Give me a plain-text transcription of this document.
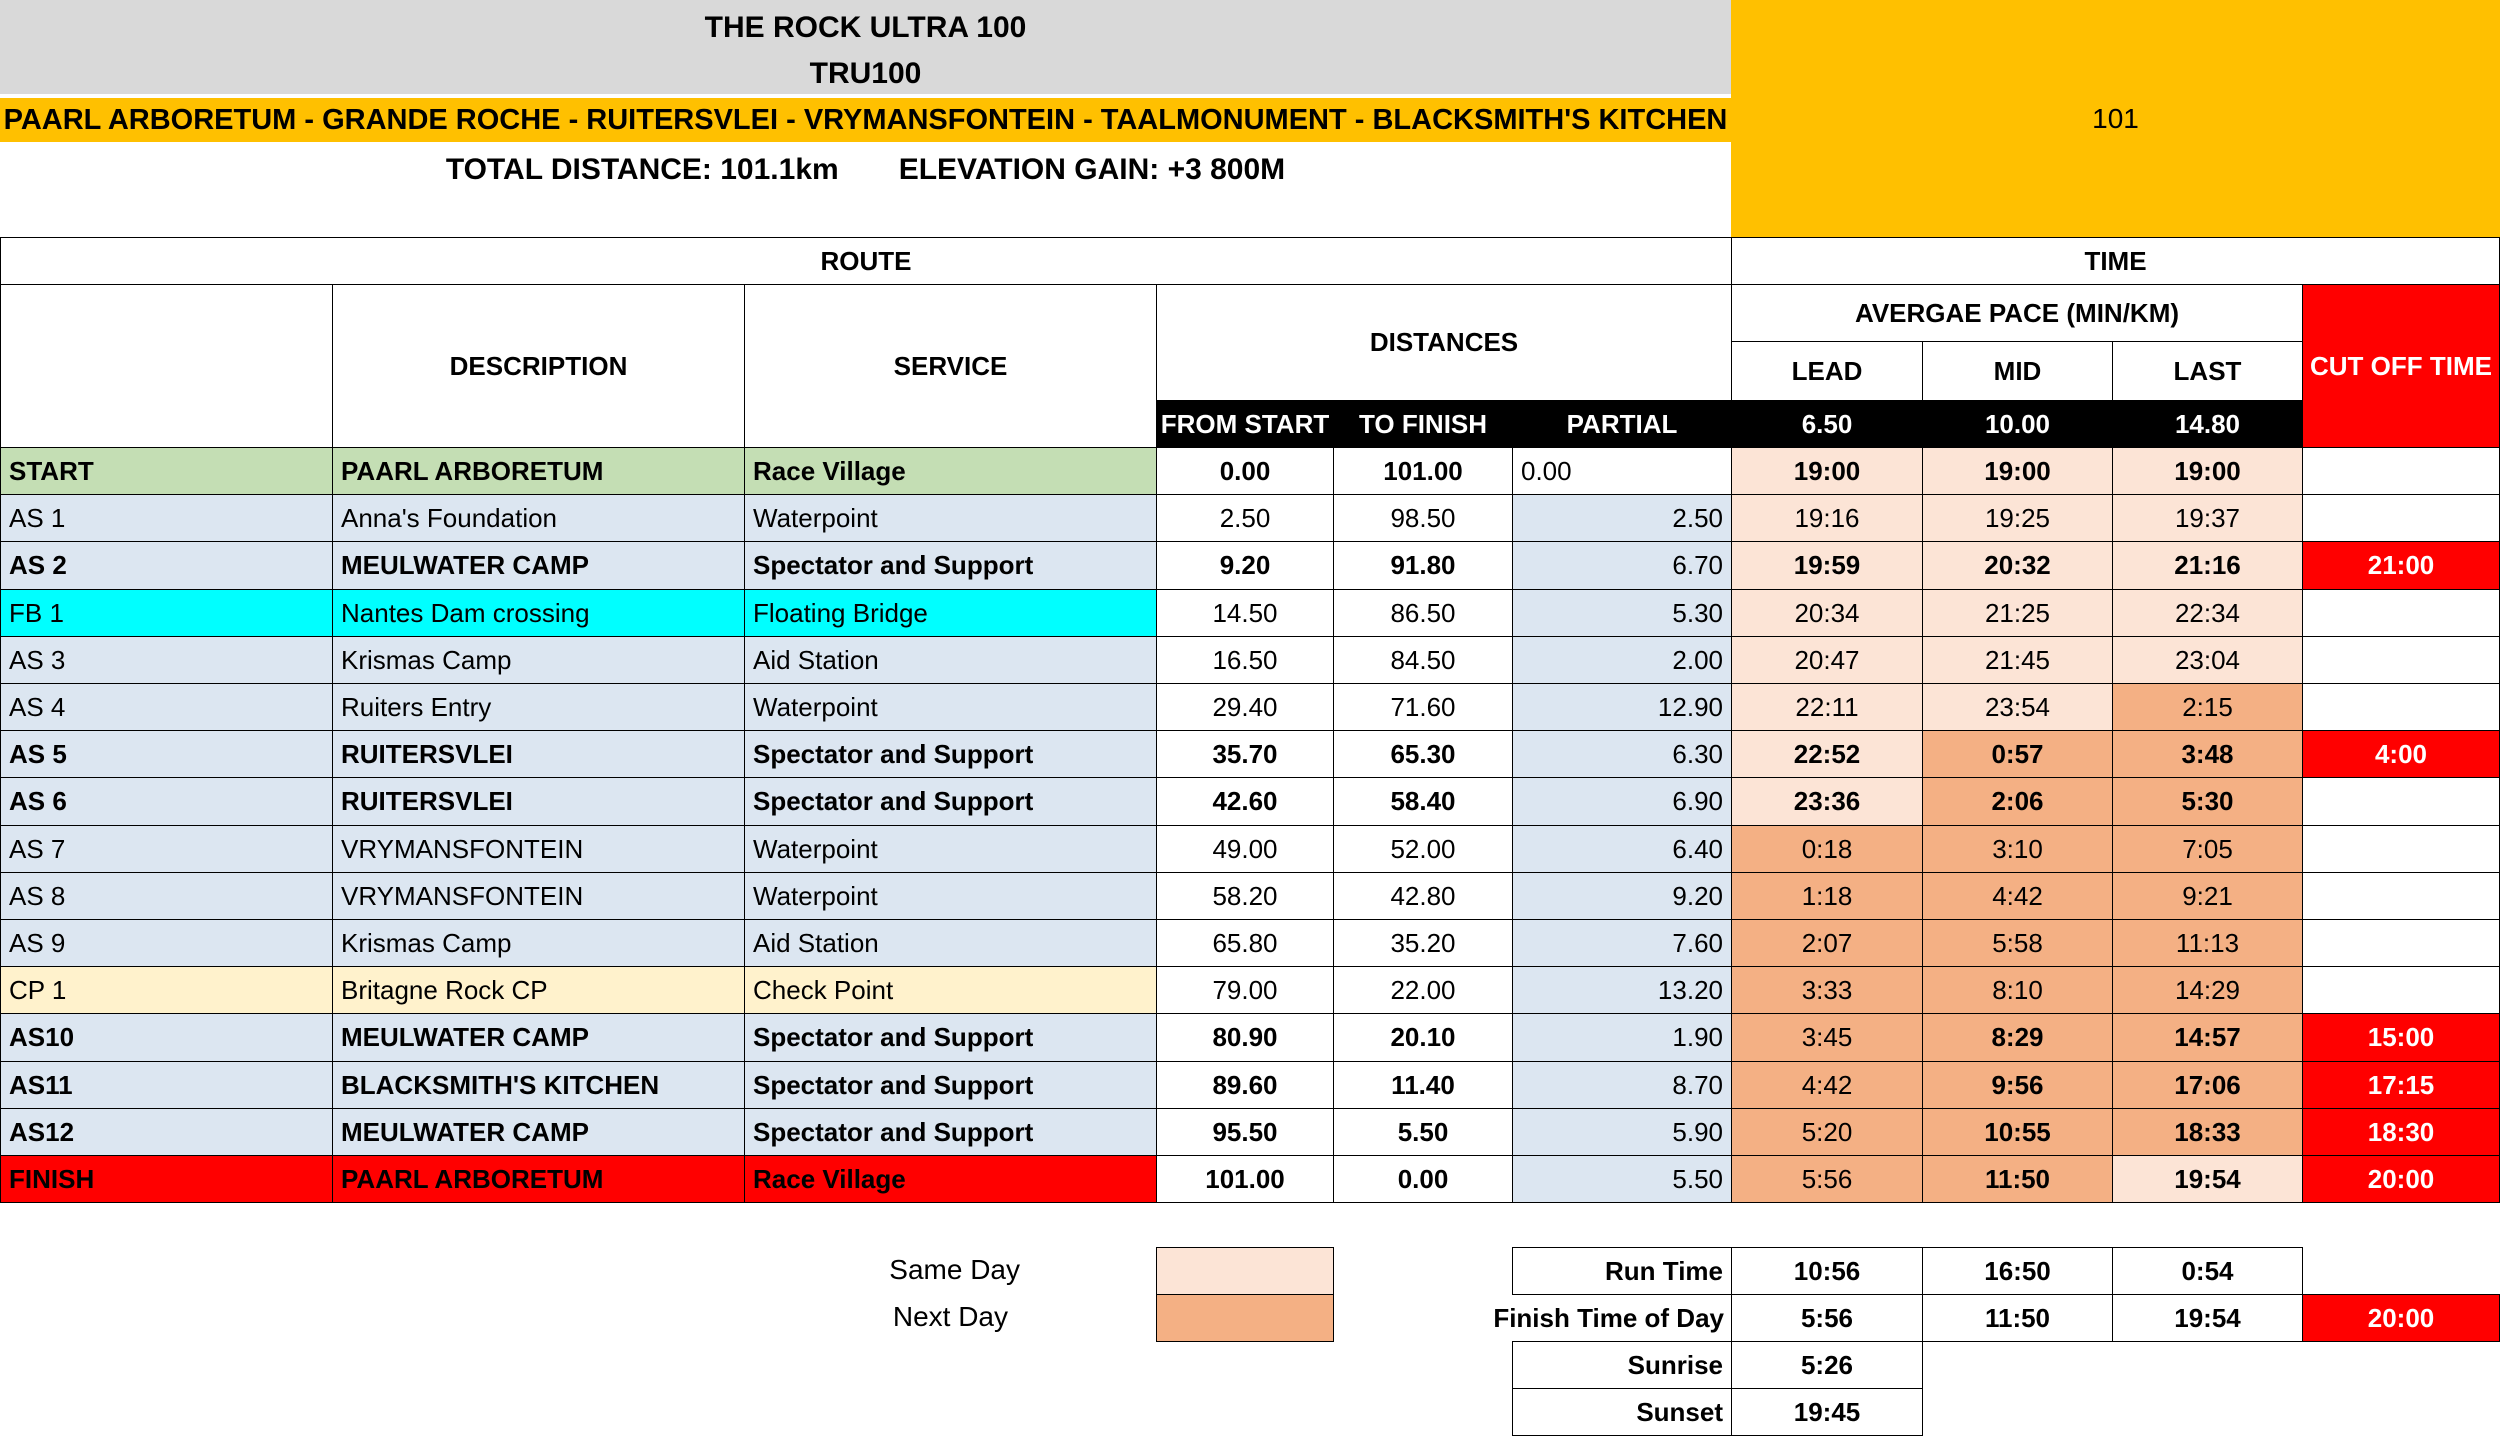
THE ROCK ULTRA 100
TRU100
PAARL ARBORETUM - GRANDE ROCHE - RUITERSVLEI - VRYMANSFONTEIN - TAALMONUMENT - BLACKSMITH'S KITCHEN
TOTAL DISTANCE: 101.1km ELEVATION GAIN: +3 800M
101
ROUTE	TIME
DESCRIPTION	SERVICE
DISTANCES
AVERGAE PACE (MIN/KM)
LEAD	MID	LAST	CUT OFF TIME
FROM START	TO FINISH	PARTIAL	6.50	10.00	14.80
START	PAARL ARBORETUM	Race Village	0.00	101.00	0.00	19:00	19:00	19:00
AS 1	Anna's Foundation	Waterpoint	2.50	98.50	2.50	19:16	19:25	19:37
AS 2	MEULWATER CAMP	Spectator and Support	9.20	91.80	6.70	19:59	20:32	21:16	21:00
FB 1	Nantes Dam crossing	Floating Bridge	14.50	86.50	5.30	20:34	21:25	22:34
AS 3	Krismas Camp	Aid Station	16.50	84.50	2.00	20:47	21:45	23:04
AS 4	Ruiters Entry	Waterpoint	29.40	71.60	12.90	22:11	23:54	2:15
AS 5	RUITERSVLEI	Spectator and Support	35.70	65.30	6.30	22:52	0:57	3:48	4:00
AS 6	RUITERSVLEI	Spectator and Support	42.60	58.40	6.90	23:36	2:06	5:30
AS 7	VRYMANSFONTEIN	Waterpoint	49.00	52.00	6.40	0:18	3:10	7:05
AS 8	VRYMANSFONTEIN	Waterpoint	58.20	42.80	9.20	1:18	4:42	9:21
AS 9	Krismas Camp	Aid Station	65.80	35.20	7.60	2:07	5:58	11:13
CP 1	Britagne Rock CP	Check Point	79.00	22.00	13.20	3:33	8:10	14:29
AS10	MEULWATER CAMP	Spectator and Support	80.90	20.10	1.90	3:45	8:29	14:57	15:00
AS11	BLACKSMITH'S KITCHEN	Spectator and Support	89.60	11.40	8.70	4:42	9:56	17:06	17:15
AS12	MEULWATER CAMP	Spectator and Support	95.50	5.50	5.90	5:20	10:55	18:33	18:30
FINISH	PAARL ARBORETUM	Race Village	101.00	0.00	5.50	5:56	11:50	19:54	20:00
Same Day
Next Day
Run Time	10:56	16:50	0:54
Finish Time of Day	5:56	11:50	19:54	20:00
Sunrise	5:26
Sunset	19:45
